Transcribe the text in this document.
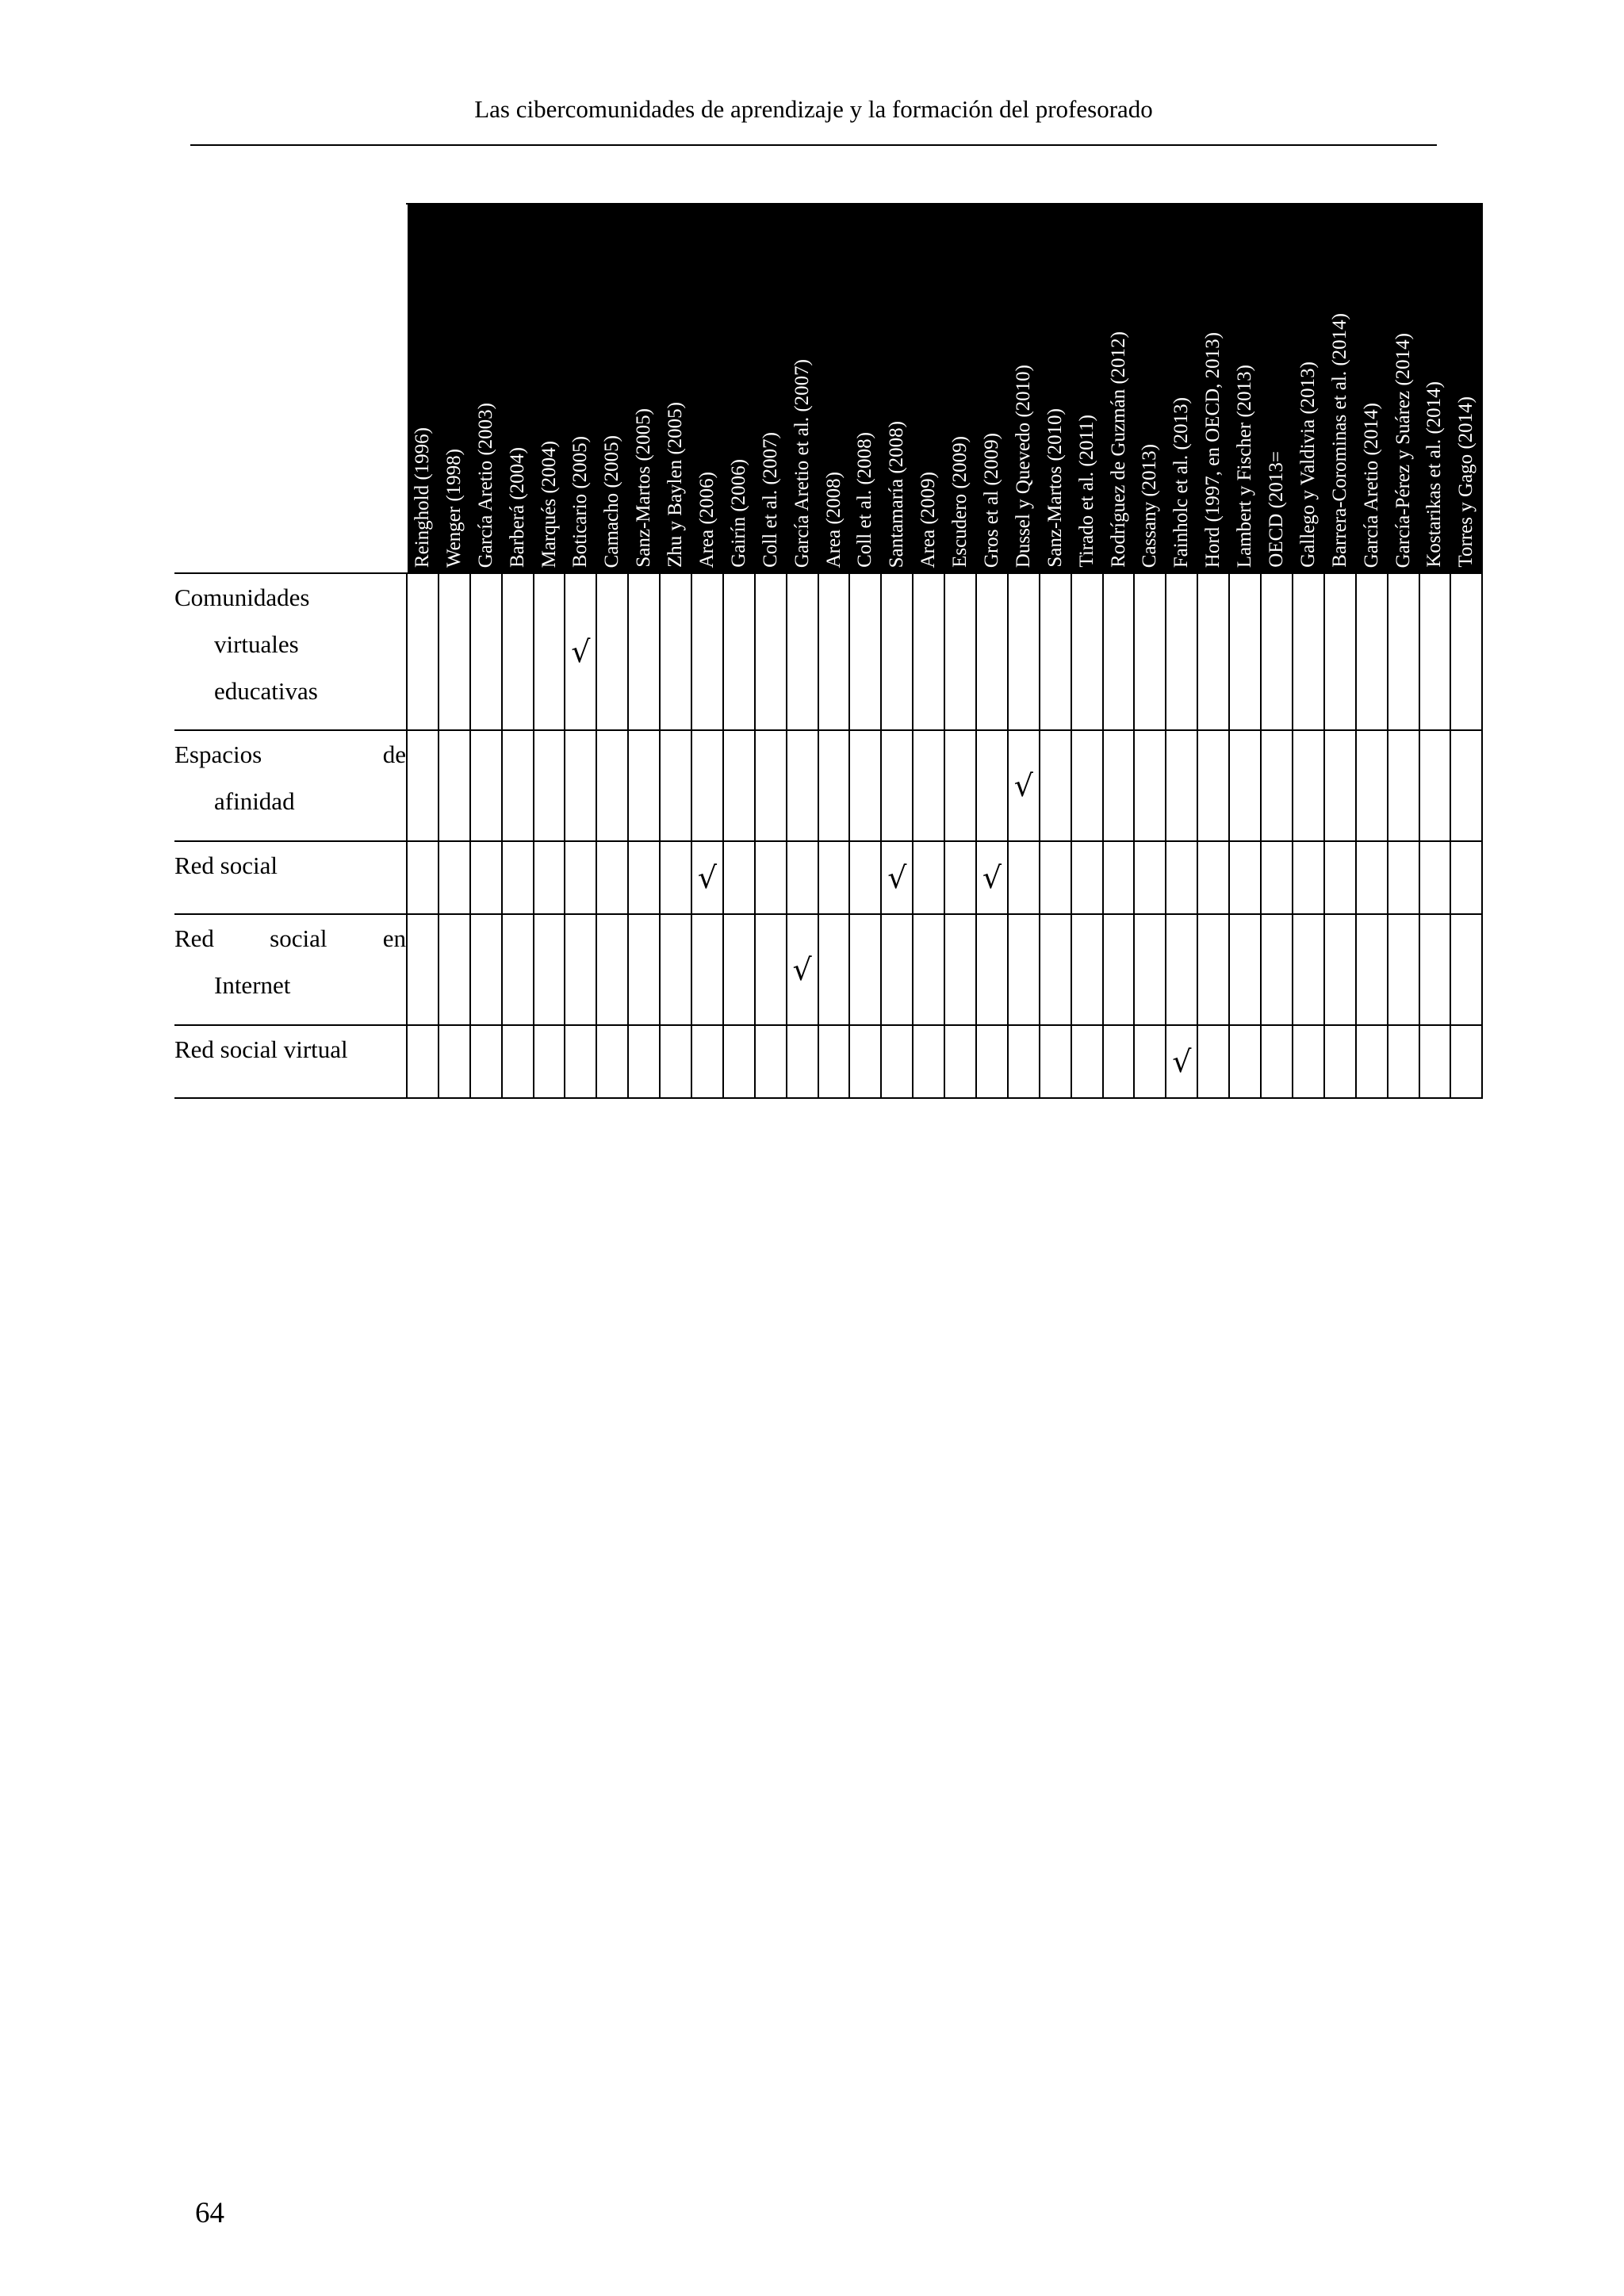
Las cibercomunidades de aprendizaje y la formación del profesorado

	Reinghold (1996)	Wenger (1998)	García Aretio (2003)	Barberá (2004)	Marqués (2004)	Boticario (2005)	Camacho (2005)	Sanz-Martos (2005)	Zhu y Baylen (2005)	Area (2006)	Gairín (2006)	Coll et al. (2007)	García Aretio et al. (2007)	Area (2008)	Coll et al. (2008)	Santamaría (2008)	Area (2009)	Escudero (2009)	Gros et al (2009)	Dussel y Quevedo (2010)	Sanz-Martos (2010)	Tirado et al. (2011)	Rodríguez de Guzmán (2012)	Cassany (2013)	Fainholc et al. (2013)	Hord (1997, en OECD, 2013)	Lambert y Fischer (2013)	OECD (2013=	Gallego y Valdivia (2013)	Barrera-Corominas et al. (2014)	García Aretio (2014)	García-Pérez y Suárez (2014)	Kostarikas et al. (2014)	Torres y Gago (2014)

Comunidades
virtuales
educativas						√																												

Espacios de
afinidad																				√														

Red social										√						√			√															

Red social en
Internet													√																					

Red social virtual																									√									
64
